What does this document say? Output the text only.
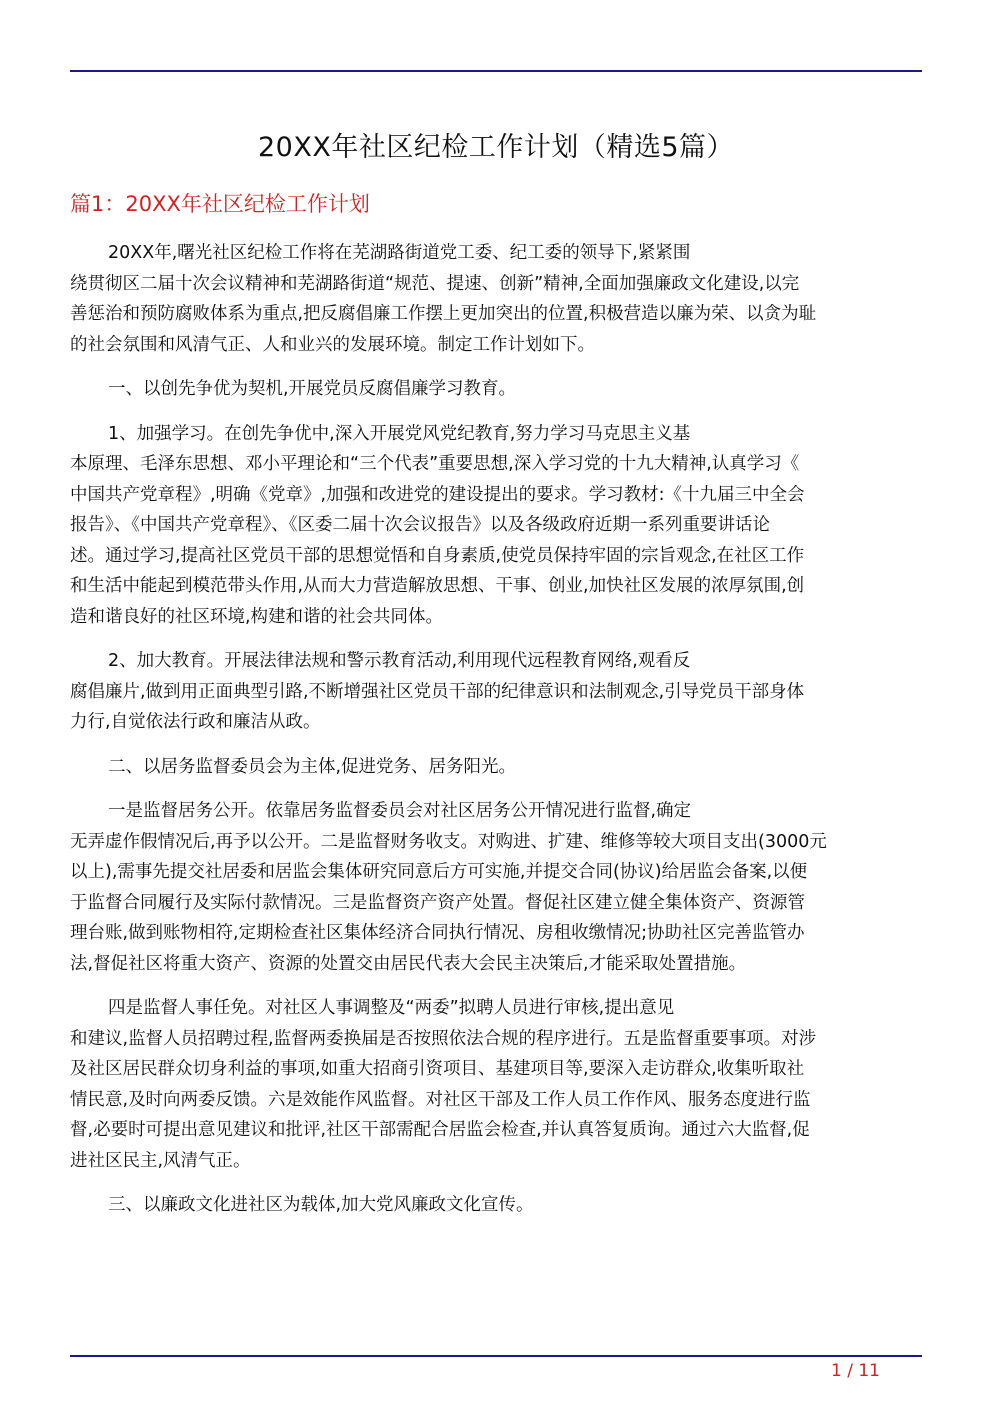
20XX年社区纪检工作计划（精选5篇）
篇1：20XX年社区纪检工作计划
20XX年,曙光社区纪检工作将在芜湖路街道党工委、纪工委的领导下,紧紧围
绕贯彻区二届十次会议精神和芜湖路街道“规范、提速、创新”精神,全面加强廉政文化建设,以完
善惩治和预防腐败体系为重点,把反腐倡廉工作摆上更加突出的位置,积极营造以廉为荣、以贪为耻
的社会氛围和风清气正、人和业兴的发展环境。制定工作计划如下。
一、以创先争优为契机,开展党员反腐倡廉学习教育。
1、加强学习。在创先争优中,深入开展党风党纪教育,努力学习马克思主义基
本原理、毛泽东思想、邓小平理论和“三个代表”重要思想,深入学习党的十九大精神,认真学习《
中国共产党章程》,明确《党章》,加强和改进党的建设提出的要求。学习教材:《十九届三中全会
报告》、《中国共产党章程》、《区委二届十次会议报告》以及各级政府近期一系列重要讲话论
述。通过学习,提高社区党员干部的思想觉悟和自身素质,使党员保持牢固的宗旨观念,在社区工作
和生活中能起到模范带头作用,从而大力营造解放思想、干事、创业,加快社区发展的浓厚氛围,创
造和谐良好的社区环境,构建和谐的社会共同体。
2、加大教育。开展法律法规和警示教育活动,利用现代远程教育网络,观看反
腐倡廉片,做到用正面典型引路,不断增强社区党员干部的纪律意识和法制观念,引导党员干部身体
力行,自觉依法行政和廉洁从政。
二、以居务监督委员会为主体,促进党务、居务阳光。
一是监督居务公开。依靠居务监督委员会对社区居务公开情况进行监督,确定
无弄虚作假情况后,再予以公开。二是监督财务收支。对购进、扩建、维修等较大项目支出(3000元
以上),需事先提交社居委和居监会集体研究同意后方可实施,并提交合同(协议)给居监会备案,以便
于监督合同履行及实际付款情况。三是监督资产资产处置。督促社区建立健全集体资产、资源管
理台账,做到账物相符,定期检查社区集体经济合同执行情况、房租收缴情况;协助社区完善监管办
法,督促社区将重大资产、资源的处置交由居民代表大会民主决策后,才能采取处置措施。
四是监督人事任免。对社区人事调整及“两委”拟聘人员进行审核,提出意见
和建议,监督人员招聘过程,监督两委换届是否按照依法合规的程序进行。五是监督重要事项。对涉
及社区居民群众切身利益的事项,如重大招商引资项目、基建项目等,要深入走访群众,收集听取社
情民意,及时向两委反馈。六是效能作风监督。对社区干部及工作人员工作作风、服务态度进行监
督,必要时可提出意见建议和批评,社区干部需配合居监会检查,并认真答复质询。通过六大监督,促
进社区民主,风清气正。
三、以廉政文化进社区为载体,加大党风廉政文化宣传。
1 / 11
